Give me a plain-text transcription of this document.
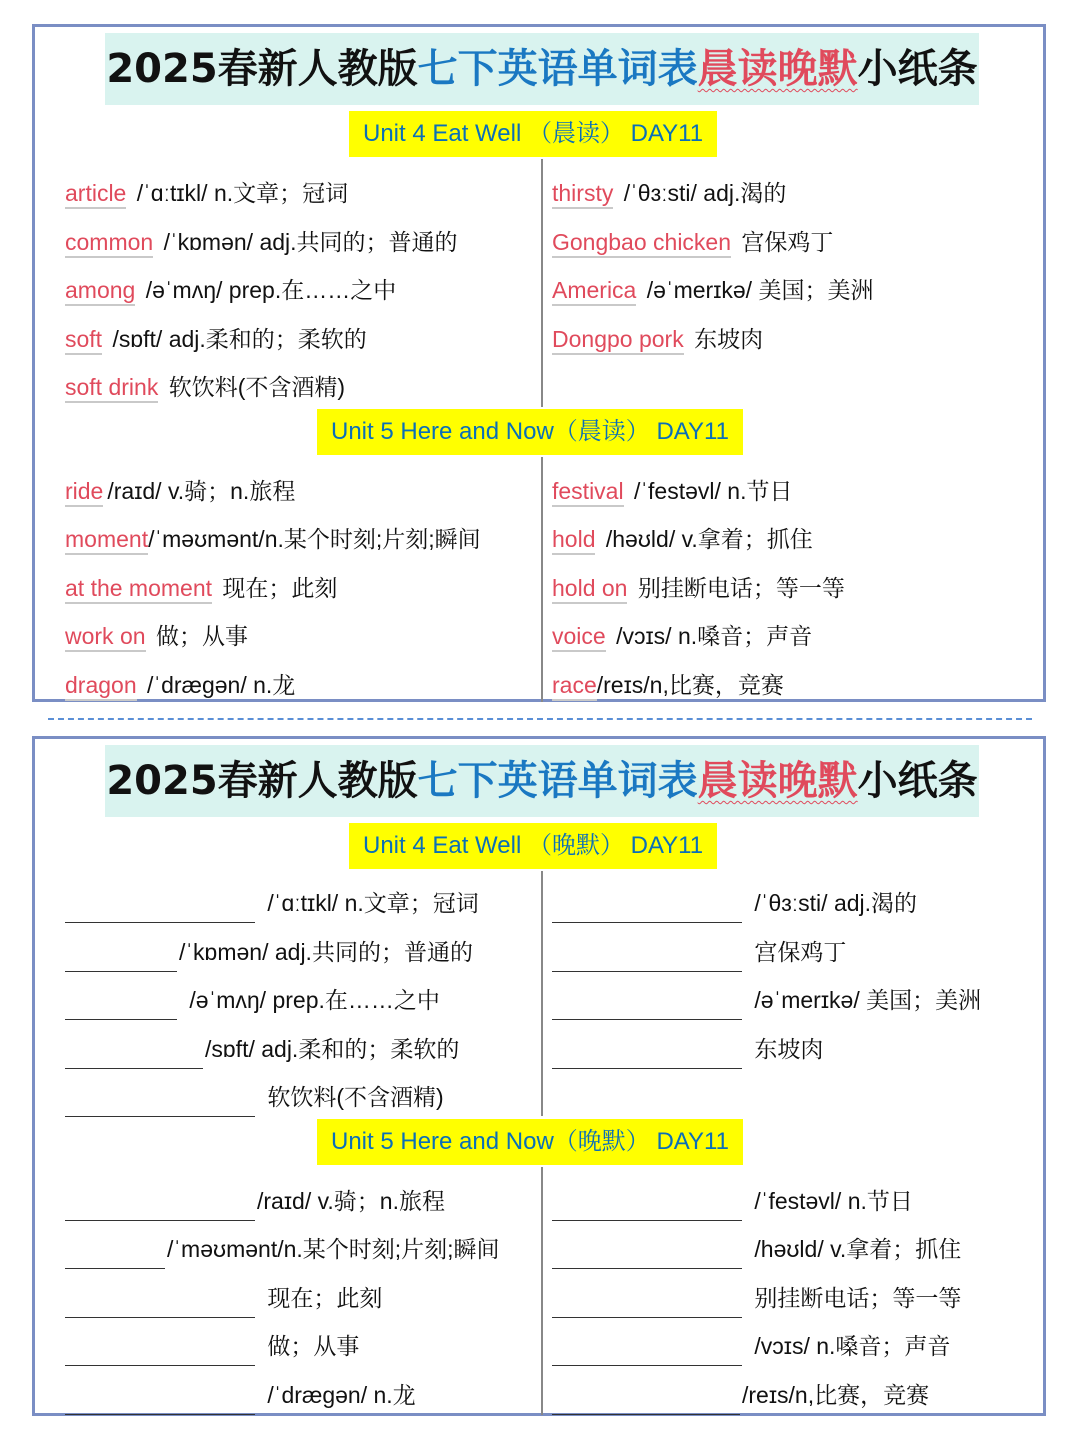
2025春新人教版七下英语单词表晨读晚默小纸条
Unit 4 Eat Well （晨读） DAY11
article /ˈɑːtɪkl/ n.文章；冠词
common /ˈkɒmən/ adj.共同的；普通的
among /əˈmʌŋ/ prep.在……之中
soft /sɒft/ adj.柔和的；柔软的
soft drink 软饮料(不含酒精)
thirsty /ˈθɜːsti/ adj.渴的
Gongbao chicken 宫保鸡丁
America /əˈmerɪkə/ 美国；美洲
Dongpo pork 东坡肉
Unit 5 Here and Now（晨读） DAY11
ride /raɪd/ v.骑；n.旅程
moment/ˈməʊmənt/n.某个时刻;片刻;瞬间
at the moment 现在；此刻
work on 做；从事
dragon /ˈdræɡən/ n.龙
festival /ˈfestəvl/ n.节日
hold /həʊld/ v.拿着；抓住
hold on 别挂断电话；等一等
voice /vɔɪs/ n.嗓音；声音
race/reɪs/n,比赛，竞赛
2025春新人教版七下英语单词表晨读晚默小纸条
Unit 4 Eat Well （晚默） DAY11
/ˈɑːtɪkl/ n.文章；冠词
/ˈkɒmən/ adj.共同的；普通的
/əˈmʌŋ/ prep.在……之中
/sɒft/ adj.柔和的；柔软的
软饮料(不含酒精)
/ˈθɜːsti/ adj.渴的
宫保鸡丁
/əˈmerɪkə/ 美国；美洲
东坡肉
Unit 5 Here and Now（晚默） DAY11
/raɪd/ v.骑；n.旅程
/ˈməʊmənt/n.某个时刻;片刻;瞬间
现在；此刻
做；从事
/ˈdræɡən/ n.龙
/ˈfestəvl/ n.节日
/həʊld/ v.拿着；抓住
别挂断电话；等一等
/vɔɪs/ n.嗓音；声音
/reɪs/n,比赛，竞赛
